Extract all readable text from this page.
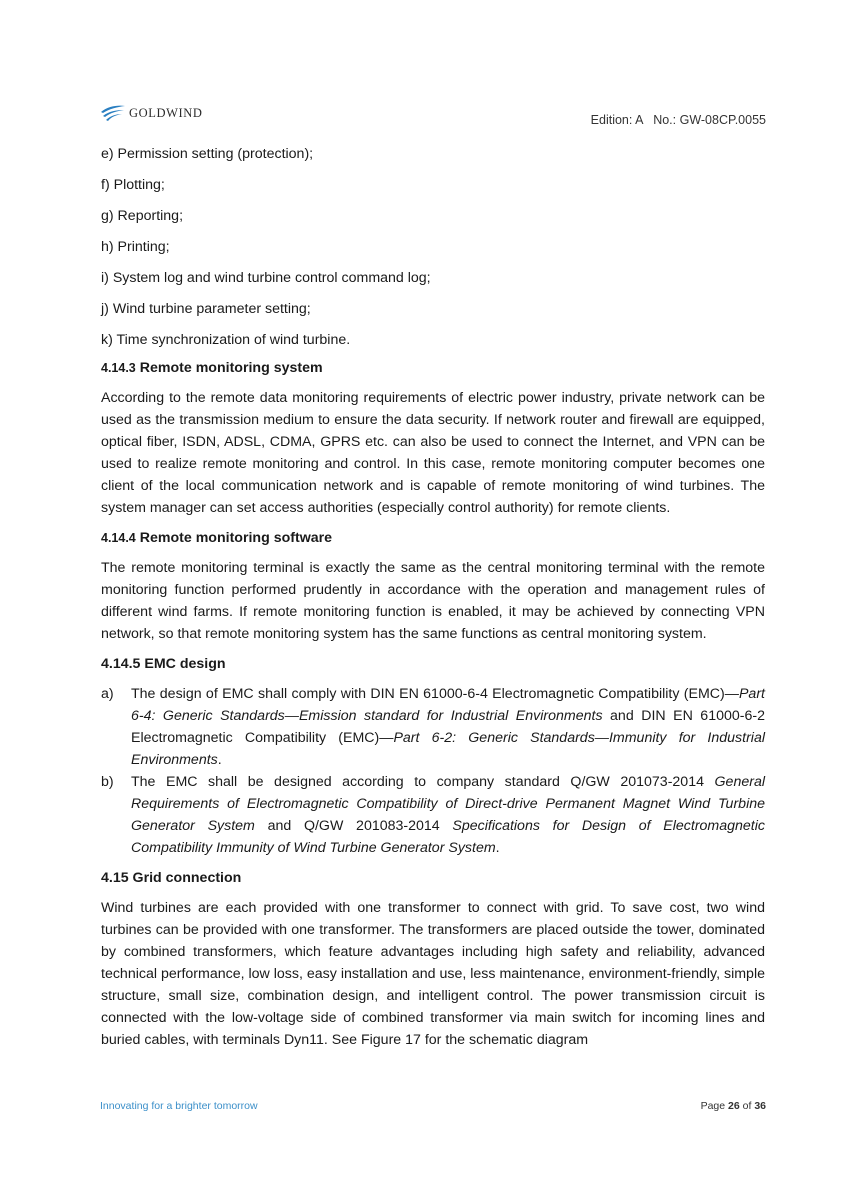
GOLDWIND
Edition: A   No.: GW-08CP.0055

e) Permission setting (protection);

f) Plotting;

g) Reporting;

h) Printing;

i) System log and wind turbine control command log;

j) Wind turbine parameter setting;

k) Time synchronization of wind turbine.

4.14.3 Remote monitoring system

According to the remote data monitoring requirements of electric power industry, private network can be used as the transmission medium to ensure the data security. If network router and firewall are equipped, optical fiber, ISDN, ADSL, CDMA, GPRS etc. can also be used to connect the Internet, and VPN can be used to realize remote monitoring and control. In this case, remote monitoring computer becomes one client of the local communication network and is capable of remote monitoring of wind turbines. The system manager can set access authorities (especially control authority) for remote clients.

4.14.4 Remote monitoring software

The remote monitoring terminal is exactly the same as the central monitoring terminal with the remote monitoring function performed prudently in accordance with the operation and management rules of different wind farms. If remote monitoring function is enabled, it may be achieved by connecting VPN network, so that remote monitoring system has the same functions as central monitoring system.

4.14.5 EMC design

a)	The design of EMC shall comply with DIN EN 61000-6-4 Electromagnetic Compatibility (EMC)—Part 6-4: Generic Standards—Emission standard for Industrial Environments and DIN EN 61000-6-2 Electromagnetic Compatibility (EMC)—Part 6-2: Generic Standards—Immunity for Industrial Environments.
b)	The EMC shall be designed according to company standard Q/GW 201073-2014 General Requirements of Electromagnetic Compatibility of Direct-drive Permanent Magnet Wind Turbine Generator System and Q/GW 201083-2014 Specifications for Design of Electromagnetic Compatibility Immunity of Wind Turbine Generator System.

4.15 Grid connection

Wind turbines are each provided with one transformer to connect with grid. To save cost, two wind turbines can be provided with one transformer. The transformers are placed outside the tower, dominated by combined transformers, which feature advantages including high safety and reliability, advanced technical performance, low loss, easy installation and use, less maintenance, environment-friendly, simple structure, small size, combination design, and intelligent control. The power transmission circuit is connected with the low-voltage side of combined transformer via main switch for incoming lines and buried cables, with terminals Dyn11. See Figure 17 for the schematic diagram

Innovating for a brighter tomorrow	Page 26 of 36
